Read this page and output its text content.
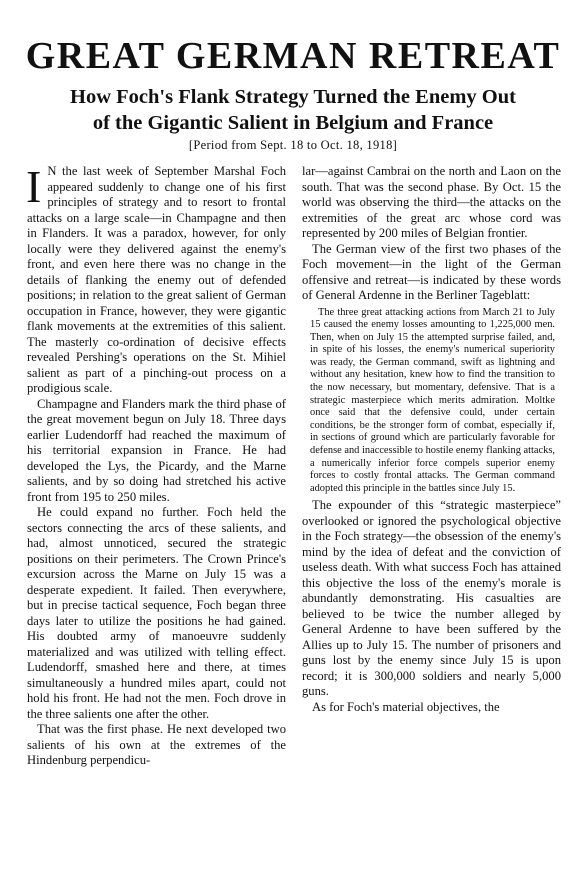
GREAT GERMAN RETREAT
How Foch's Flank Strategy Turned the Enemy Out of the Gigantic Salient in Belgium and France
[Period from Sept. 18 to Oct. 18, 1918]

I N the last week of September Marshal Foch appeared suddenly to change one of his first principles of strategy and to resort to frontal attacks on a large scale—in Champagne and then in Flanders. It was a paradox, however, for only locally were they delivered against the enemy's front, and even here there was no change in the details of flanking the enemy out of defended positions; in relation to the great salient of German occupation in France, however, they were gigantic flank movements at the extremities of this salient. The masterly co-ordination of decisive effects revealed Pershing's operations on the St. Mihiel salient as part of a pinching-out process on a prodigious scale.

Champagne and Flanders mark the third phase of the great movement begun on July 18. Three days earlier Ludendorff had reached the maximum of his territorial expansion in France. He had developed the Lys, the Picardy, and the Marne salients, and by so doing had stretched his active front from 195 to 250 miles.

He could expand no further. Foch held the sectors connecting the arcs of these salients, and had, almost unnoticed, secured the strategic positions on their perimeters. The Crown Prince's excursion across the Marne on July 15 was a desperate expedient. It failed. Then everywhere, but in precise tactical sequence, Foch began three days later to utilize the positions he had gained. His doubted army of manoeuvre suddenly materialized and was utilized with telling effect. Ludendorff, smashed here and there, at times simultaneously a hundred miles apart, could not hold his front. He had not the men. Foch drove in the three salients one after the other.

That was the first phase. He next developed two salients of his own at the extremes of the Hindenburg perpendicu-

lar—against Cambrai on the north and Laon on the south. That was the second phase. By Oct. 15 the world was observing the third—the attacks on the extremities of the great arc whose cord was represented by 200 miles of Belgian frontier.

The German view of the first two phases of the Foch movement—in the light of the German offensive and retreat—is indicated by these words of General Ardenne in the Berliner Tageblatt:

The three great attacking actions from March 21 to July 15 caused the enemy losses amounting to 1,225,000 men. Then, when on July 15 the attempted surprise failed, and, in spite of his losses, the enemy's numerical superiority was ready, the German command, swift as lightning and without any hesitation, knew how to find the transition to the now necessary, but momentary, defensive. That is a strategic masterpiece which merits admiration. Moltke once said that the defensive could, under certain conditions, be the stronger form of combat, especially if, in sections of ground which are particularly favorable for defense and inaccessible to hostile enemy flanking attacks, a numerically inferior force compels superior enemy forces to costly frontal attacks. The German command adopted this principle in the battles since July 15.

The expounder of this “strategic masterpiece” overlooked or ignored the psychological objective in the Foch strategy—the obsession of the enemy's mind by the idea of defeat and the conviction of useless death. With what success Foch has attained this objective the loss of the enemy's morale is abundantly demonstrating. His casualties are believed to be twice the number alleged by General Ardenne to have been suffered by the Allies up to July 15. The number of prisoners and guns lost by the enemy since July 15 is upon record; it is 300,000 soldiers and nearly 5,000 guns.

As for Foch's material objectives, the
